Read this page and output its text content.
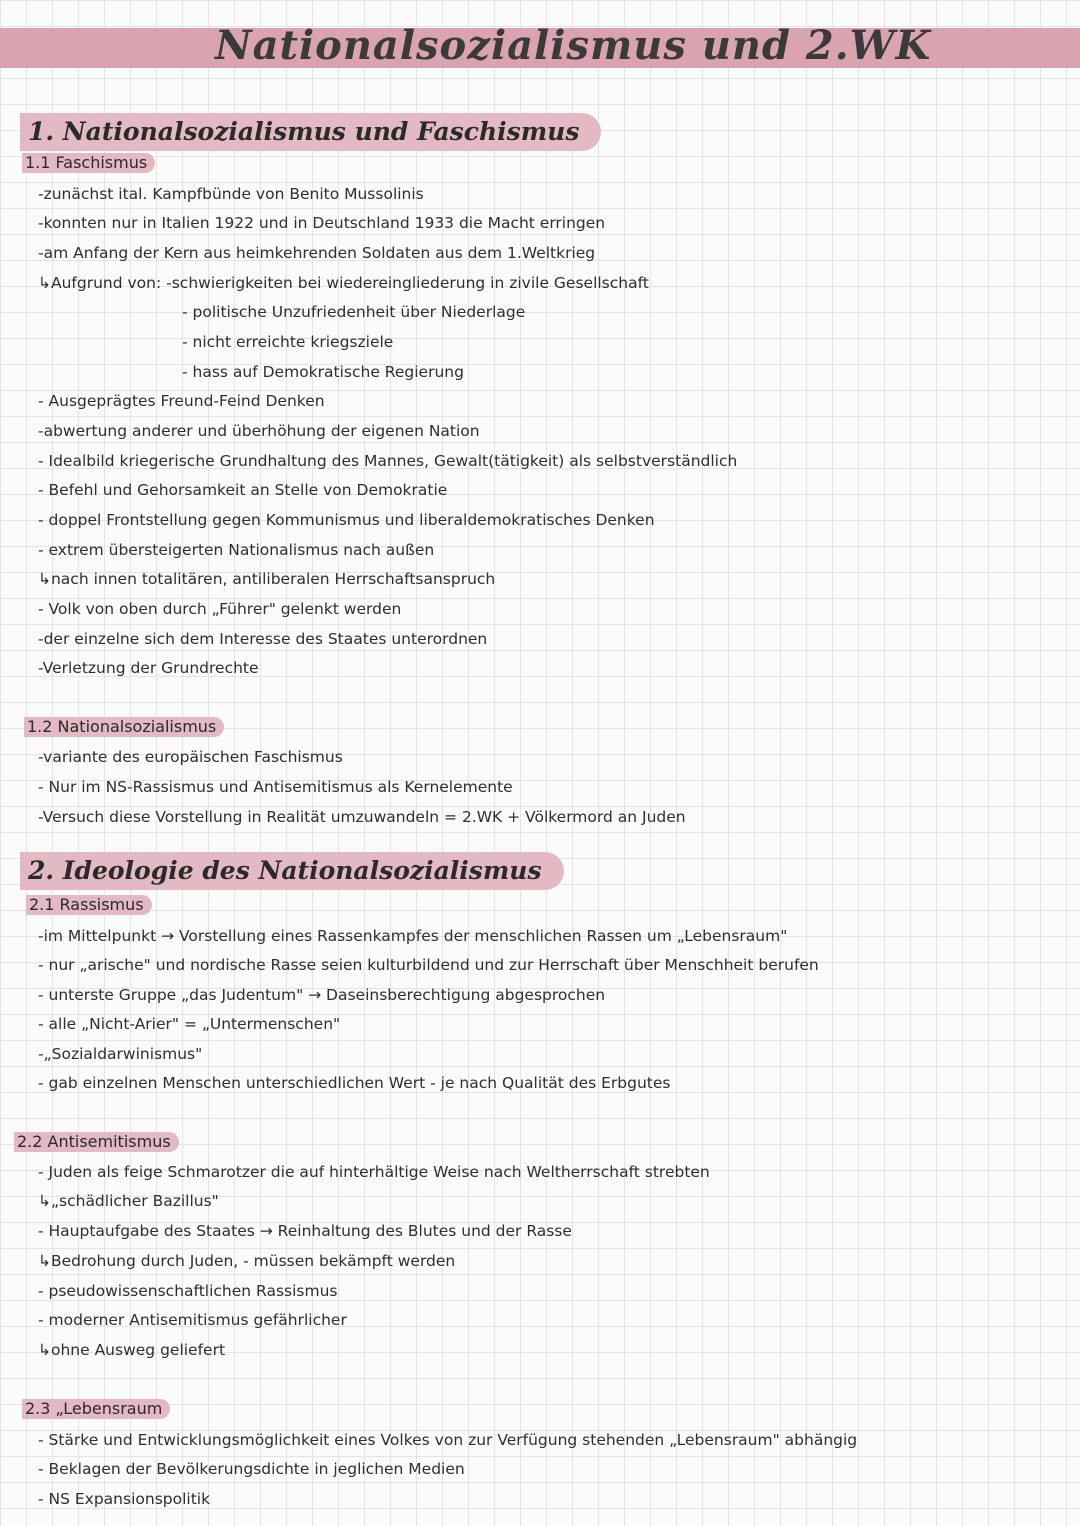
Nationalsozialismus und 2.WK
1. Nationalsozialismus und Faschismus
1.1 Faschismus
-zunächst ital. Kampfbünde von Benito Mussolinis
-konnten nur in Italien 1922 und in Deutschland 1933 die Macht erringen
-am Anfang der Kern aus heimkehrenden Soldaten aus dem 1.Weltkrieg
↳Aufgrund von: -schwierigkeiten bei wiedereingliederung in zivile Gesellschaft
- politische Unzufriedenheit über Niederlage
- nicht erreichte kriegsziele
- hass auf Demokratische Regierung
- Ausgeprägtes Freund-Feind Denken
-abwertung anderer und überhöhung der eigenen Nation
- Idealbild kriegerische Grundhaltung des Mannes, Gewalt(tätigkeit) als selbstverständlich
- Befehl und Gehorsamkeit an Stelle von Demokratie
- doppel Frontstellung gegen Kommunismus und liberaldemokratisches Denken
- extrem übersteigerten Nationalismus nach außen
↳nach innen totalitären, antiliberalen Herrschaftsanspruch
- Volk von oben durch „Führer" gelenkt werden
-der einzelne sich dem Interesse des Staates unterordnen
-Verletzung der Grundrechte
1.2 Nationalsozialismus
-variante des europäischen Faschismus
- Nur im NS-Rassismus und Antisemitismus als Kernelemente
-Versuch diese Vorstellung in Realität umzuwandeln = 2.WK + Völkermord an Juden
2. Ideologie des Nationalsozialismus
2.1 Rassismus
-im Mittelpunkt → Vorstellung eines Rassenkampfes der menschlichen Rassen um „Lebensraum"
- nur „arische" und nordische Rasse seien kulturbildend und zur Herrschaft über Menschheit berufen
- unterste Gruppe „das Judentum" → Daseinsberechtigung abgesprochen
- alle „Nicht-Arier" = „Untermenschen"
-„Sozialdarwinismus"
- gab einzelnen Menschen unterschiedlichen Wert - je nach Qualität des Erbgutes
2.2 Antisemitismus
- Juden als feige Schmarotzer die auf hinterhältige Weise nach Weltherrschaft strebten
↳„schädlicher Bazillus"
- Hauptaufgabe des Staates → Reinhaltung des Blutes und der Rasse
↳Bedrohung durch Juden, - müssen bekämpft werden
- pseudowissenschaftlichen Rassismus
- moderner Antisemitismus gefährlicher
↳ohne Ausweg geliefert
2.3 „Lebensraum
- Stärke und Entwicklungsmöglichkeit eines Volkes von zur Verfügung stehenden „Lebensraum" abhängig
- Beklagen der Bevölkerungsdichte in jeglichen Medien
- NS Expansionspolitik
